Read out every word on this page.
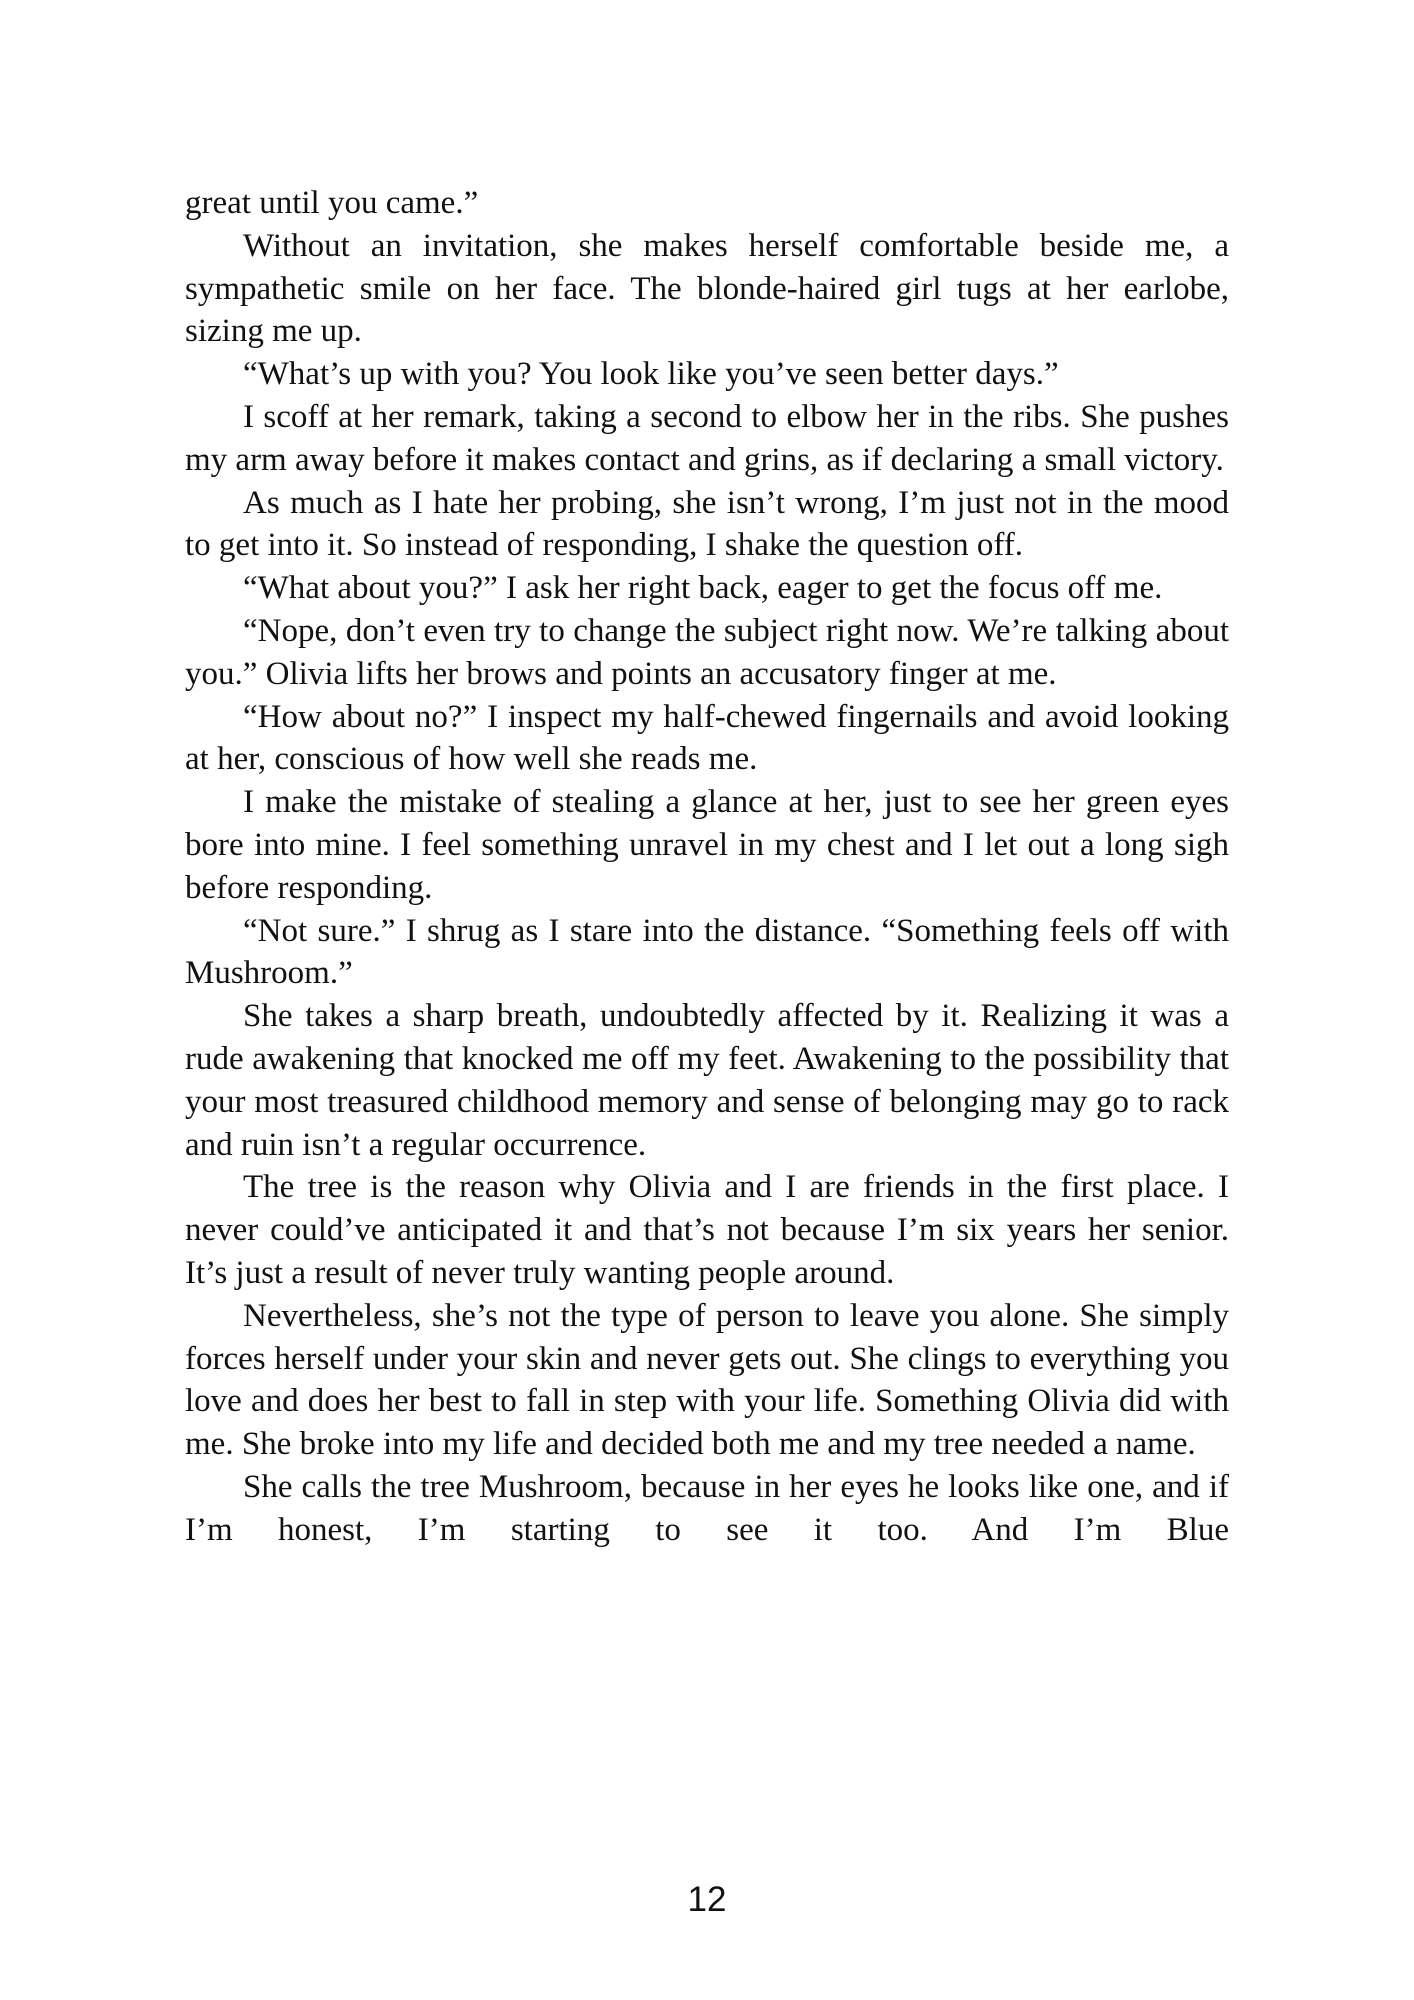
great until you came.”

Without an invitation, she makes herself comfortable beside me, a sympathetic smile on her face. The blonde-haired girl tugs at her earlobe, sizing me up.

“What’s up with you? You look like you’ve seen better days.”

I scoff at her remark, taking a second to elbow her in the ribs. She pushes my arm away before it makes contact and grins, as if declaring a small victory.

As much as I hate her probing, she isn’t wrong, I’m just not in the mood to get into it. So instead of responding, I shake the question off.

“What about you?” I ask her right back, eager to get the focus off me.

“Nope, don’t even try to change the subject right now. We’re talking about you.” Olivia lifts her brows and points an accusatory finger at me.

“How about no?” I inspect my half-chewed fingernails and avoid looking at her, conscious of how well she reads me.

I make the mistake of stealing a glance at her, just to see her green eyes bore into mine. I feel something unravel in my chest and I let out a long sigh before responding.

“Not sure.” I shrug as I stare into the distance. “Something feels off with Mushroom.”

She takes a sharp breath, undoubtedly affected by it. Realizing it was a rude awakening that knocked me off my feet. Awakening to the possibility that your most treasured childhood memory and sense of belonging may go to rack and ruin isn’t a regular occurrence.

The tree is the reason why Olivia and I are friends in the first place. I never could’ve anticipated it and that’s not because I’m six years her senior. It’s just a result of never truly wanting people around.

Nevertheless, she’s not the type of person to leave you alone. She simply forces herself under your skin and never gets out. She clings to everything you love and does her best to fall in step with your life. Something Olivia did with me. She broke into my life and decided both me and my tree needed a name.

She calls the tree Mushroom, because in her eyes he looks like one, and if I’m honest, I’m starting to see it too. And I’m Blue

12
